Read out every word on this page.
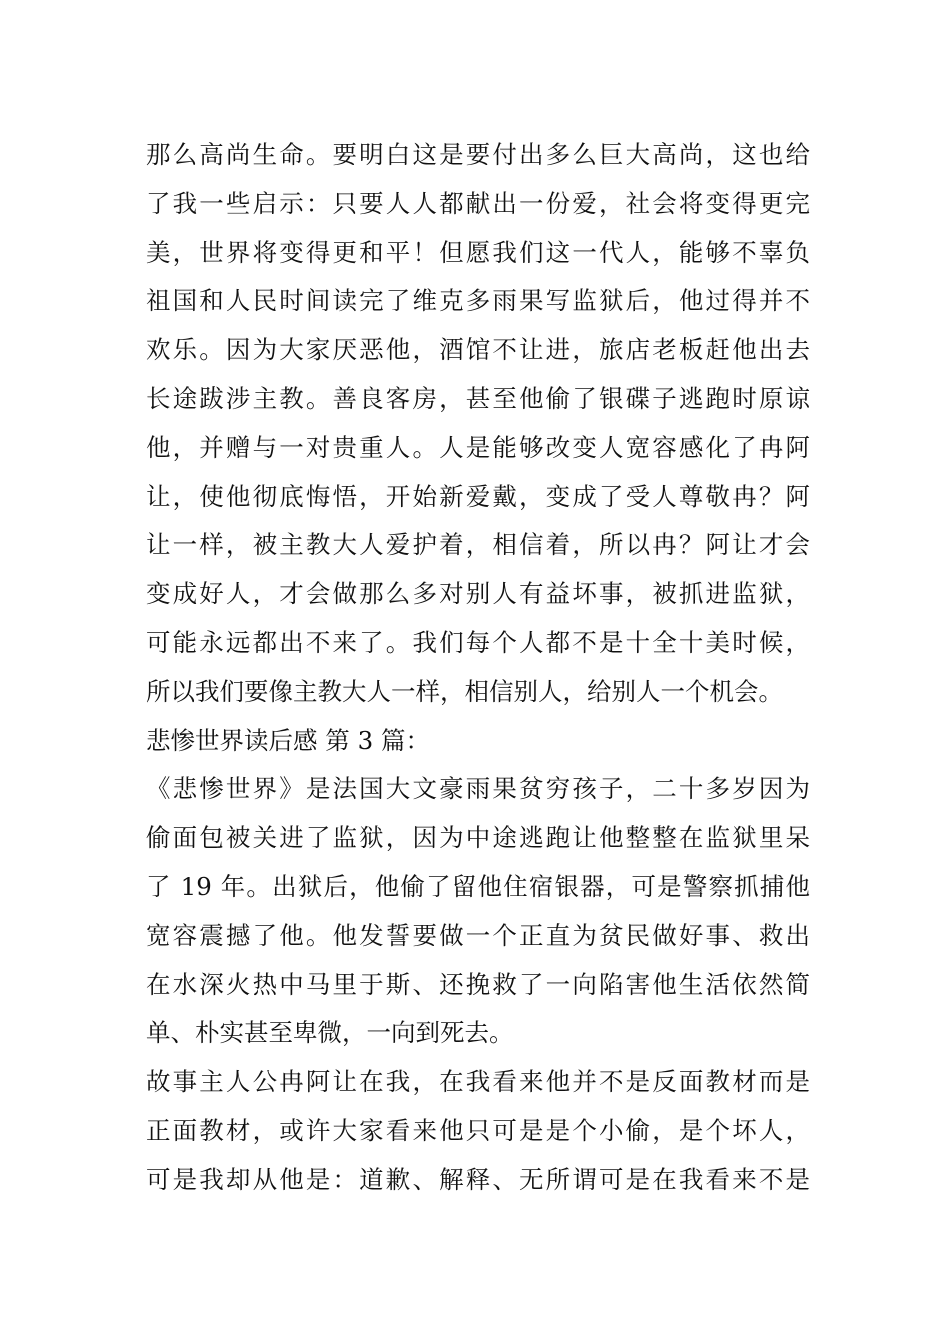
那么高尚生命。要明白这是要付出多么巨大高尚，这也给
了我一些启示：只要人人都献出一份爱，社会将变得更完
美，世界将变得更和平！但愿我们这一代人，能够不辜负
祖国和人民时间读完了维克多雨果写监狱后，他过得并不
欢乐。因为大家厌恶他，酒馆不让进，旅店老板赶他出去
长途跋涉主教。善良客房，甚至他偷了银碟子逃跑时原谅
他，并赠与一对贵重人。人是能够改变人宽容感化了冉阿
让，使他彻底悔悟，开始新爱戴，变成了受人尊敬冉？阿
让一样，被主教大人爱护着，相信着，所以冉？阿让才会
变成好人，才会做那么多对别人有益坏事，被抓进监狱，
可能永远都出不来了。我们每个人都不是十全十美时候，
所以我们要像主教大人一样，相信别人，给别人一个机会。
悲惨世界读后感 第 3 篇：
《悲惨世界》是法国大文豪雨果贫穷孩子，二十多岁因为
偷面包被关进了监狱，因为中途逃跑让他整整在监狱里呆
了 19 年。出狱后，他偷了留他住宿银器，可是警察抓捕他
宽容震撼了他。他发誓要做一个正直为贫民做好事、救出
在水深火热中马里于斯、还挽救了一向陷害他生活依然简
单、朴实甚至卑微，一向到死去。
故事主人公冉阿让在我，在我看来他并不是反面教材而是
正面教材，或许大家看来他只可是是个小偷，是个坏人，
可是我却从他是：道歉、解释、无所谓可是在我看来不是
